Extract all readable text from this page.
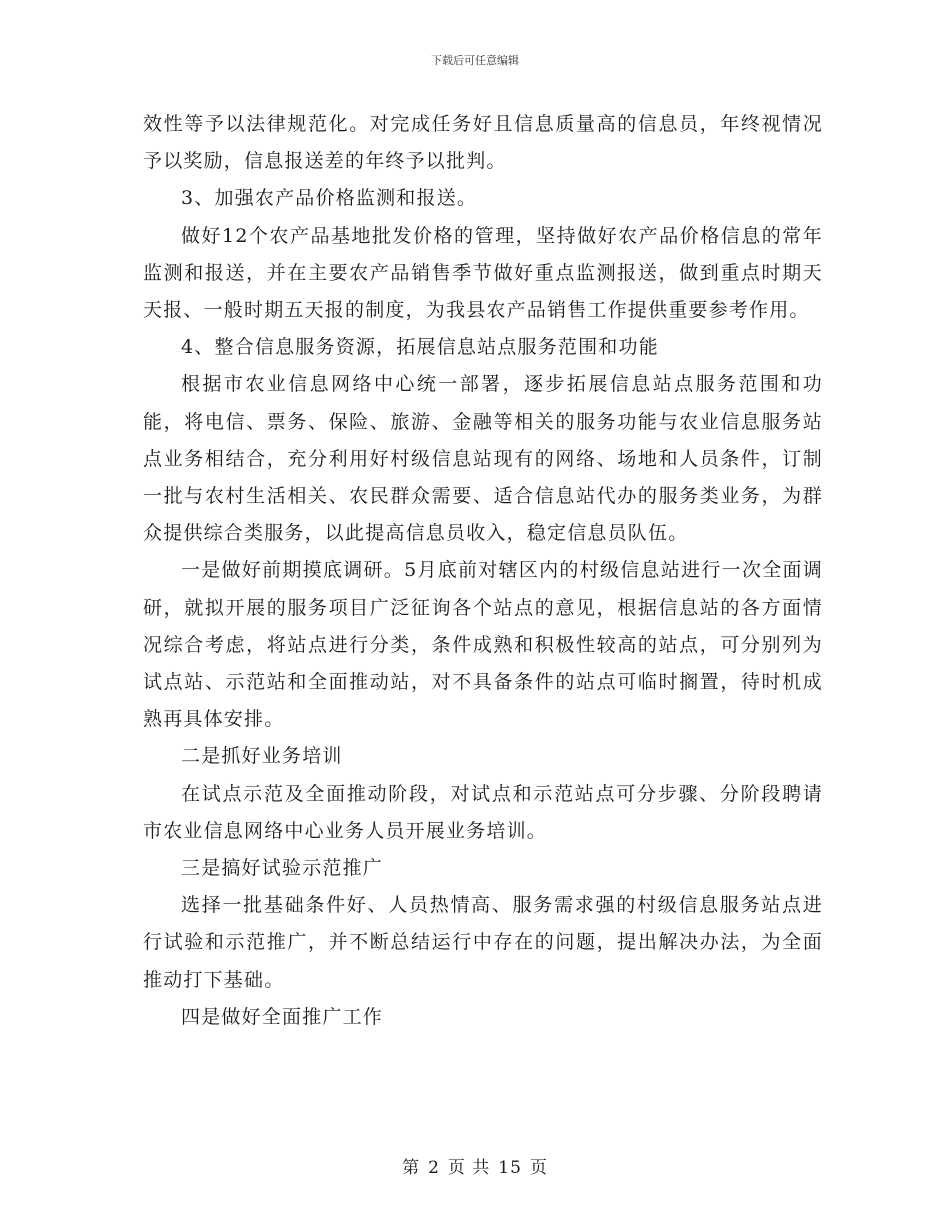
下载后可任意编辑

效性等予以法律规范化。对完成任务好且信息质量高的信息员，年终视情况予以奖励，信息报送差的年终予以批判。

3、加强农产品价格监测和报送。

做好12个农产品基地批发价格的管理，坚持做好农产品价格信息的常年监测和报送，并在主要农产品销售季节做好重点监测报送，做到重点时期天天报、一般时期五天报的制度，为我县农产品销售工作提供重要参考作用。

4、整合信息服务资源，拓展信息站点服务范围和功能

根据市农业信息网络中心统一部署，逐步拓展信息站点服务范围和功能，将电信、票务、保险、旅游、金融等相关的服务功能与农业信息服务站点业务相结合，充分利用好村级信息站现有的网络、场地和人员条件，订制一批与农村生活相关、农民群众需要、适合信息站代办的服务类业务，为群众提供综合类服务，以此提高信息员收入，稳定信息员队伍。

一是做好前期摸底调研。5月底前对辖区内的村级信息站进行一次全面调研，就拟开展的服务项目广泛征询各个站点的意见，根据信息站的各方面情况综合考虑，将站点进行分类，条件成熟和积极性较高的站点，可分别列为试点站、示范站和全面推动站，对不具备条件的站点可临时搁置，待时机成熟再具体安排。

二是抓好业务培训

在试点示范及全面推动阶段，对试点和示范站点可分步骤、分阶段聘请市农业信息网络中心业务人员开展业务培训。

三是搞好试验示范推广

选择一批基础条件好、人员热情高、服务需求强的村级信息服务站点进行试验和示范推广，并不断总结运行中存在的问题，提出解决办法，为全面推动打下基础。

四是做好全面推广工作

第 2 页 共 15 页
